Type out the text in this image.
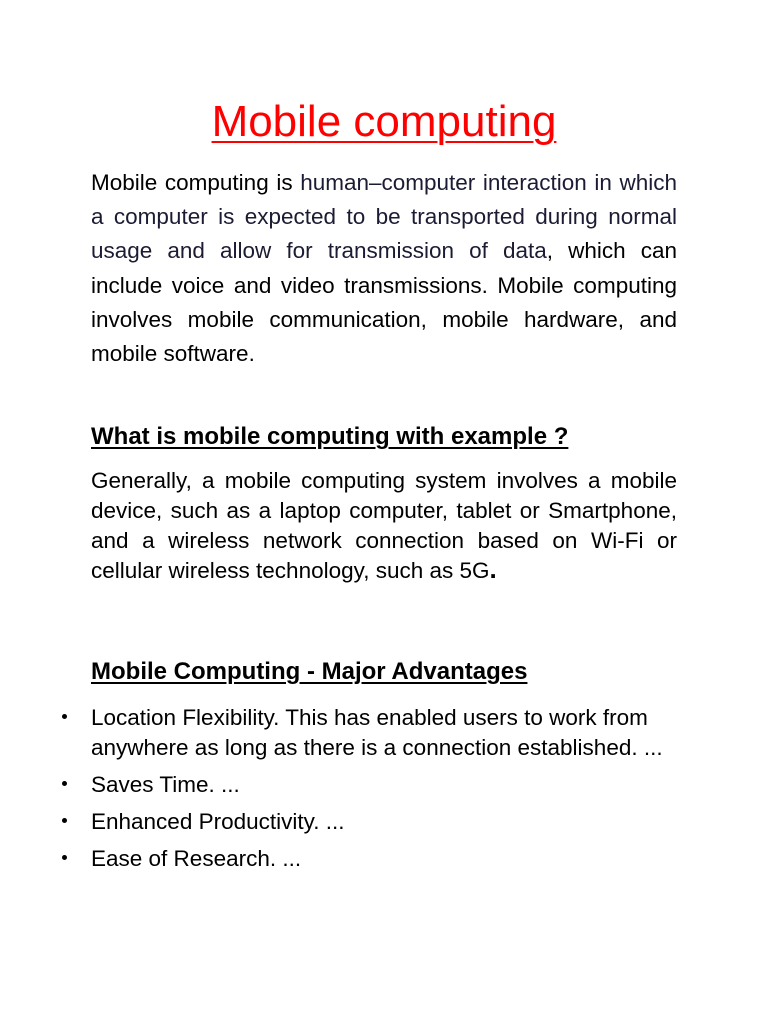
Mobile computing

Mobile computing is human–computer interaction in which a computer is expected to be transported during normal usage and allow for transmission of data, which can include voice and video transmissions. Mobile computing involves mobile communication, mobile hardware, and mobile software.

What is mobile computing with example ?

Generally, a mobile computing system involves a mobile device, such as a laptop computer, tablet or Smartphone, and a wireless network connection based on Wi-Fi or cellular wireless technology, such as 5G.

Mobile Computing - Major Advantages
Location Flexibility. This has enabled users to work from anywhere as long as there is a connection established. ...
Saves Time. ...
Enhanced Productivity. ...
Ease of Research. ...
